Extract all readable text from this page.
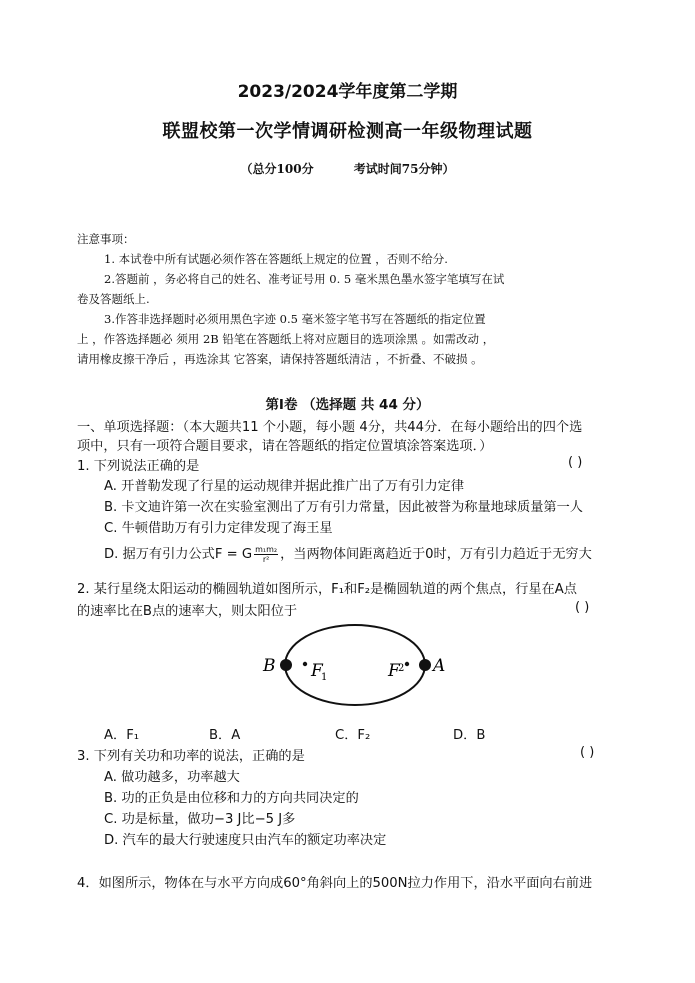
2023/2024学年度第二学期
联盟校第一次学情调研检测高一年级物理试题
（总分100分	考试时间75分钟）
注意事项：
1. 本试卷中所有试题必须作答在答题纸上规定的位置 ，否则不给分.
2.答题前 ，务必将自己的姓名、准考证号用 0. 5 毫米黑色墨水签字笔填写在试
卷及答题纸上.
3.作答非选择题时必须用黑色字迹 0.5 毫米签字笔书写在答题纸的指定位置
上 ，作答选择题必 须用 2B 铅笔在答题纸上将对应题目的选项涂黑 。如需改动 ，
请用橡皮擦干净后 ，再选涂其 它答案，请保持答题纸清洁 ，不折叠、不破损 。
第Ⅰ卷 （选择题 共 44 分）
一、单项选择题：（本大题共11 个小题，每小题 4分，共44分．在每小题给出的四个选
项中，只有一项符合题目要求，请在答题纸的指定位置填涂答案选项．）
1. 下列说法正确的是	( )
A. 开普勒发现了行星的运动规律并据此推广出了万有引力定律
B. 卡文迪许第一次在实验室测出了万有引力常量，因此被誉为称量地球质量第一人
C. 牛顿借助万有引力定律发现了海王星
D. 据万有引力公式F = G $\frac{\text{m₁m₂}}{\text{r²}}$ ，当两物体间距离趋近于0时，万有引力趋近于无穷大
2. 某行星绕太阳运动的椭圆轨道如图所示，F₁和F₂是椭圆轨道的两个焦点，行星在A点
的速率比在B点的速率大，则太阳位于	( )
B	A
F
1	F
2
A．F₁	B．A	C．F₂	D．B
3. 下列有关功和功率的说法，正确的是	( )
A. 做功越多，功率越大
B. 功的正负是由位移和力的方向共同决定的
C. 功是标量，做功−3 J比−5 J多
D. 汽车的最大行驶速度只由汽车的额定功率决定
4．如图所示，物体在与水平方向成60°角斜向上的500N拉力作用下，沿水平面向右前进
